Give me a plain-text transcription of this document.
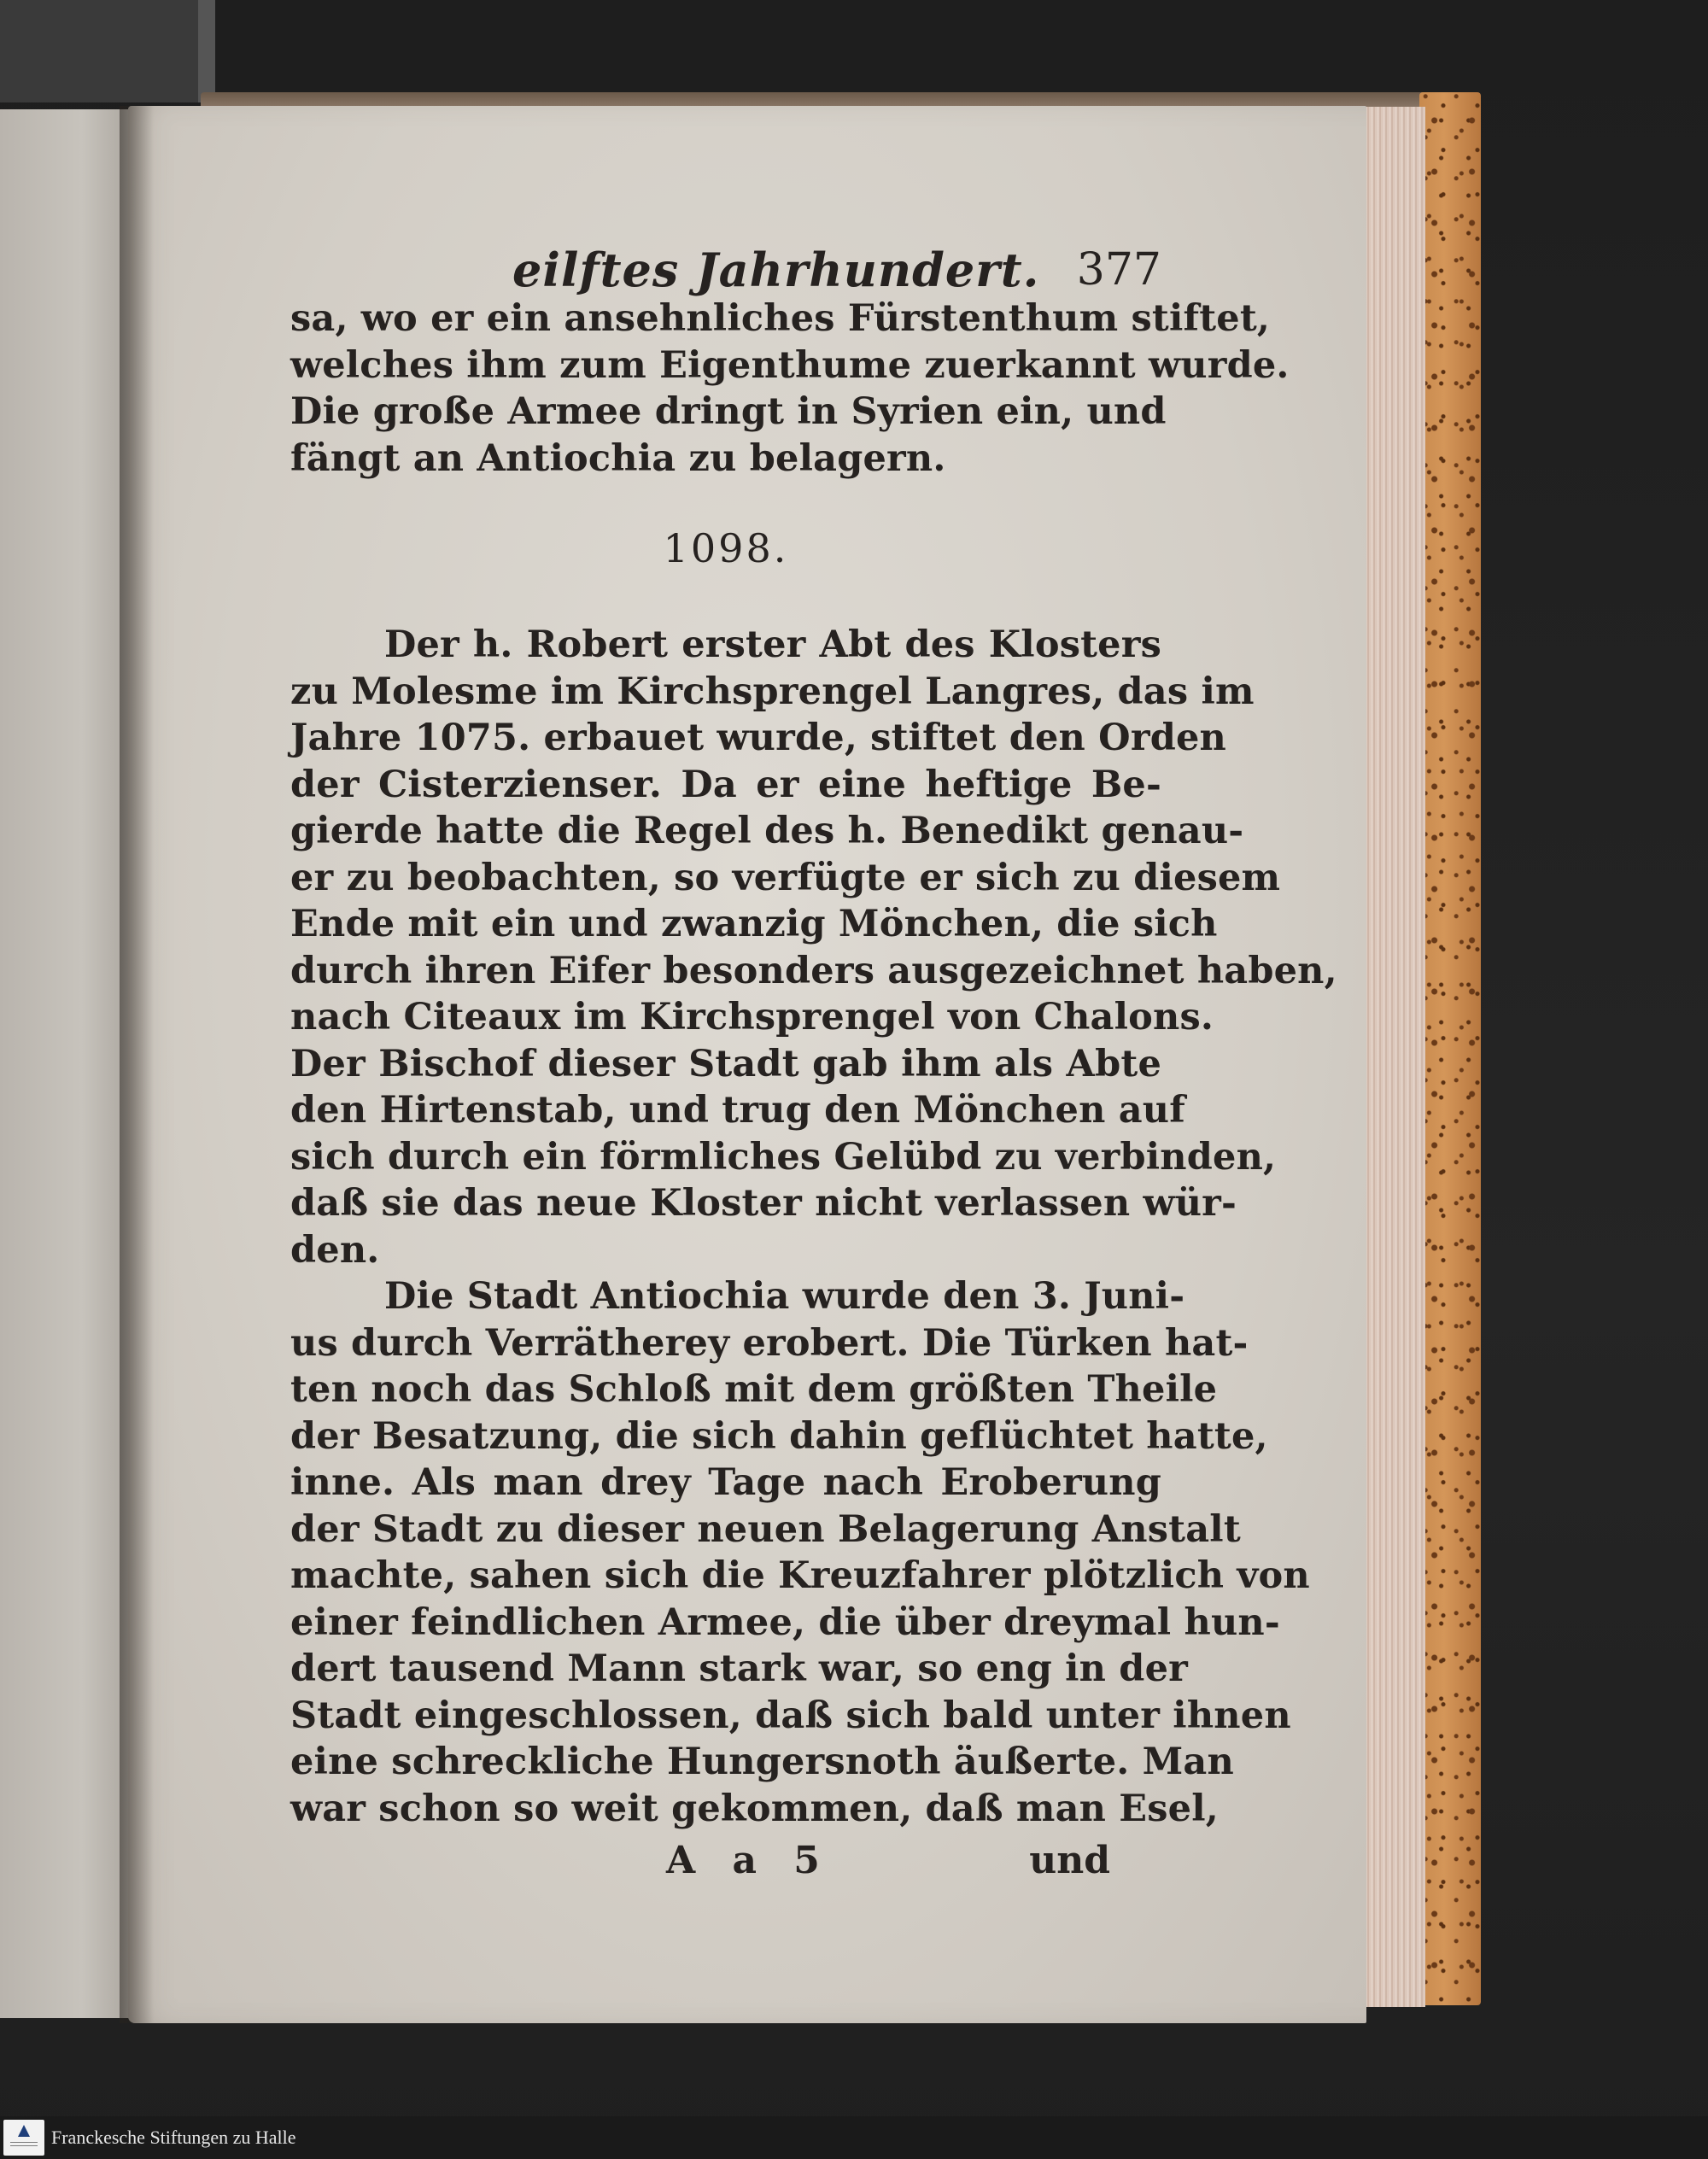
eilftes Jahrhundert. 377
sa, wo er ein ansehnliches Fürstenthum stiftet,
welches ihm zum Eigenthume zuerkannt wurde.
Die große Armee dringt in Syrien ein, und
fängt an Antiochia zu belagern.
1098.
Der h. Robert erster Abt des Klosters
zu Molesme im Kirchsprengel Langres, das im
Jahre 1075. erbauet wurde, stiftet den Orden
der Cisterzienser. Da er eine heftige Be-
gierde hatte die Regel des h. Benedikt genau-
er zu beobachten, so verfügte er sich zu diesem
Ende mit ein und zwanzig Mönchen, die sich
durch ihren Eifer besonders ausgezeichnet haben,
nach Citeaux im Kirchsprengel von Chalons.
Der Bischof dieser Stadt gab ihm als Abte
den Hirtenstab, und trug den Mönchen auf
sich durch ein förmliches Gelübd zu verbinden,
daß sie das neue Kloster nicht verlassen wür-
den.
Die Stadt Antiochia wurde den 3. Juni-
us durch Verrätherey erobert. Die Türken hat-
ten noch das Schloß mit dem größten Theile
der Besatzung, die sich dahin geflüchtet hatte,
inne. Als man drey Tage nach Eroberung
der Stadt zu dieser neuen Belagerung Anstalt
machte, sahen sich die Kreuzfahrer plötzlich von
einer feindlichen Armee, die über dreymal hun-
dert tausend Mann stark war, so eng in der
Stadt eingeschlossen, daß sich bald unter ihnen
eine schreckliche Hungersnoth äußerte. Man
war schon so weit gekommen, daß man Esel,
A a 5	und
Franckesche Stiftungen zu Halle
